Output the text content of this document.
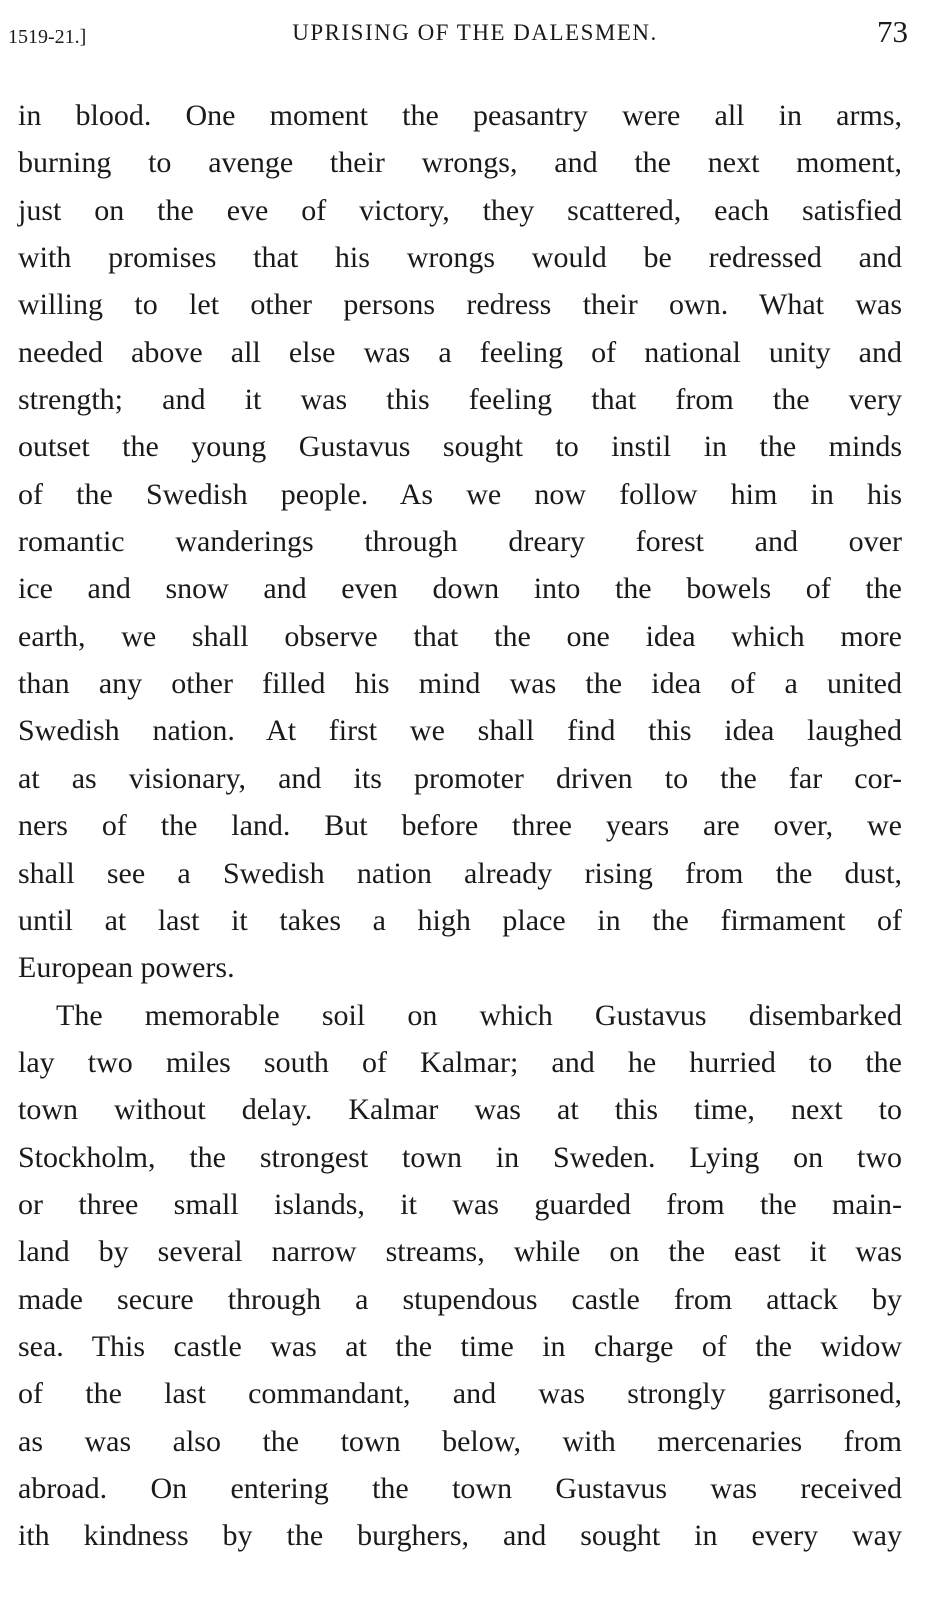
1519-21.]	UPRISING OF THE DALESMEN.	73
in blood. One moment the peasantry were all in arms,
burning to avenge their wrongs, and the next moment,
just on the eve of victory, they scattered, each satisfied
with promises that his wrongs would be redressed and
willing to let other persons redress their own. What was
needed above all else was a feeling of national unity and
strength; and it was this feeling that from the very
outset the young Gustavus sought to instil in the minds
of the Swedish people. As we now follow him in his
romantic wanderings through dreary forest and over
ice and snow and even down into the bowels of the
earth, we shall observe that the one idea which more
than any other filled his mind was the idea of a united
Swedish nation. At first we shall find this idea laughed
at as visionary, and its promoter driven to the far cor-
ners of the land. But before three years are over, we
shall see a Swedish nation already rising from the dust,
until at last it takes a high place in the firmament of
European powers.
The memorable soil on which Gustavus disembarked
lay two miles south of Kalmar; and he hurried to the
town without delay. Kalmar was at this time, next to
Stockholm, the strongest town in Sweden. Lying on two
or three small islands, it was guarded from the main-
land by several narrow streams, while on the east it was
made secure through a stupendous castle from attack by
sea. This castle was at the time in charge of the widow
of the last commandant, and was strongly garrisoned,
as was also the town below, with mercenaries from
abroad. On entering the town Gustavus was received
ith kindness by the burghers, and sought in every way
